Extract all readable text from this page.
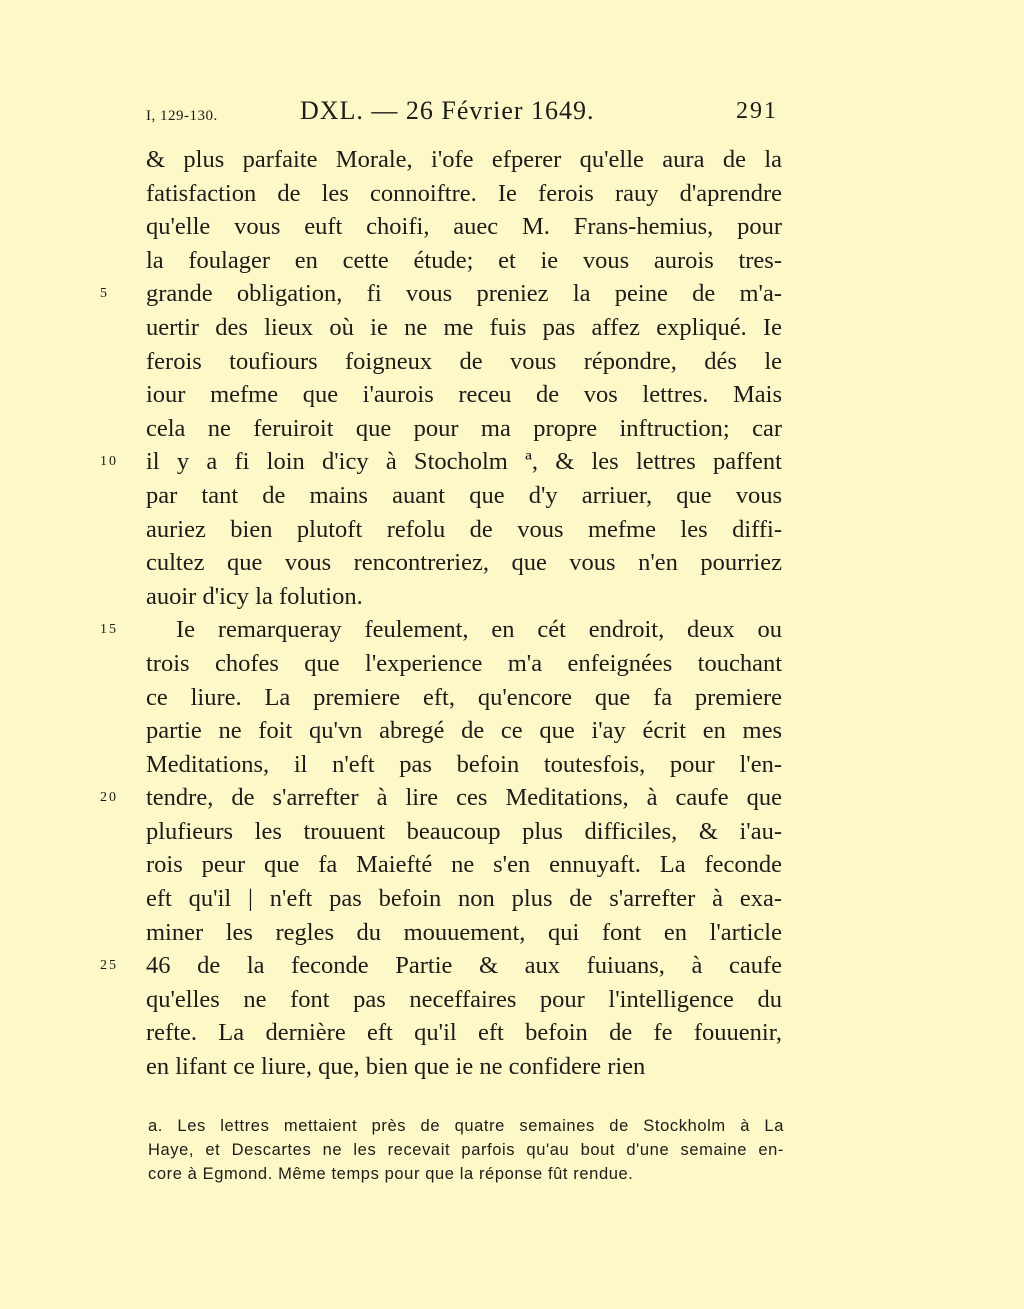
I, 129-130.	DXL. — 26 Février 1649.	291
& plus parfaite Morale, i'ofe efperer qu'elle aura de la
fatisfaction de les connoiftre. Ie ferois rauy d'aprendre
qu'elle vous euft choifi, auec M. Frans-hemius, pour
la foulager en cette étude; et ie vous aurois tres-
5	grande obligation, fi vous preniez la peine de m'a-
uertir des lieux où ie ne me fuis pas affez expliqué. Ie
ferois toufiours foigneux de vous répondre, dés le
iour mefme que i'aurois receu de vos lettres. Mais
cela ne feruiroit que pour ma propre inftruction; car
10	il y a fi loin d'icy à Stocholm ª, & les lettres paffent
par tant de mains auant que d'y arriuer, que vous
auriez bien plutoft refolu de vous mefme les diffi-
cultez que vous rencontreriez, que vous n'en pourriez
auoir d'icy la folution.
15	Ie remarqueray feulement, en cét endroit, deux ou
trois chofes que l'experience m'a enfeignées touchant
ce liure. La premiere eft, qu'encore que fa premiere
partie ne foit qu'vn abregé de ce que i'ay écrit en mes
Meditations, il n'eft pas befoin toutesfois, pour l'en-
20	tendre, de s'arrefter à lire ces Meditations, à caufe que
plufieurs les trouuent beaucoup plus difficiles, & i'au-
rois peur que fa Maiefté ne s'en ennuyaft. La feconde
eft qu'il | n'eft pas befoin non plus de s'arrefter à exa-
miner les regles du mouuement, qui font en l'article
25	46 de la feconde Partie & aux fuiuans, à caufe
qu'elles ne font pas neceffaires pour l'intelligence du
refte. La dernière eft qu'il eft befoin de fe fouuenir,
en lifant ce liure, que, bien que ie ne confidere rien
a. Les lettres mettaient près de quatre semaines de Stockholm à La
Haye, et Descartes ne les recevait parfois qu'au bout d'une semaine en-
core à Egmond. Même temps pour que la réponse fût rendue.
